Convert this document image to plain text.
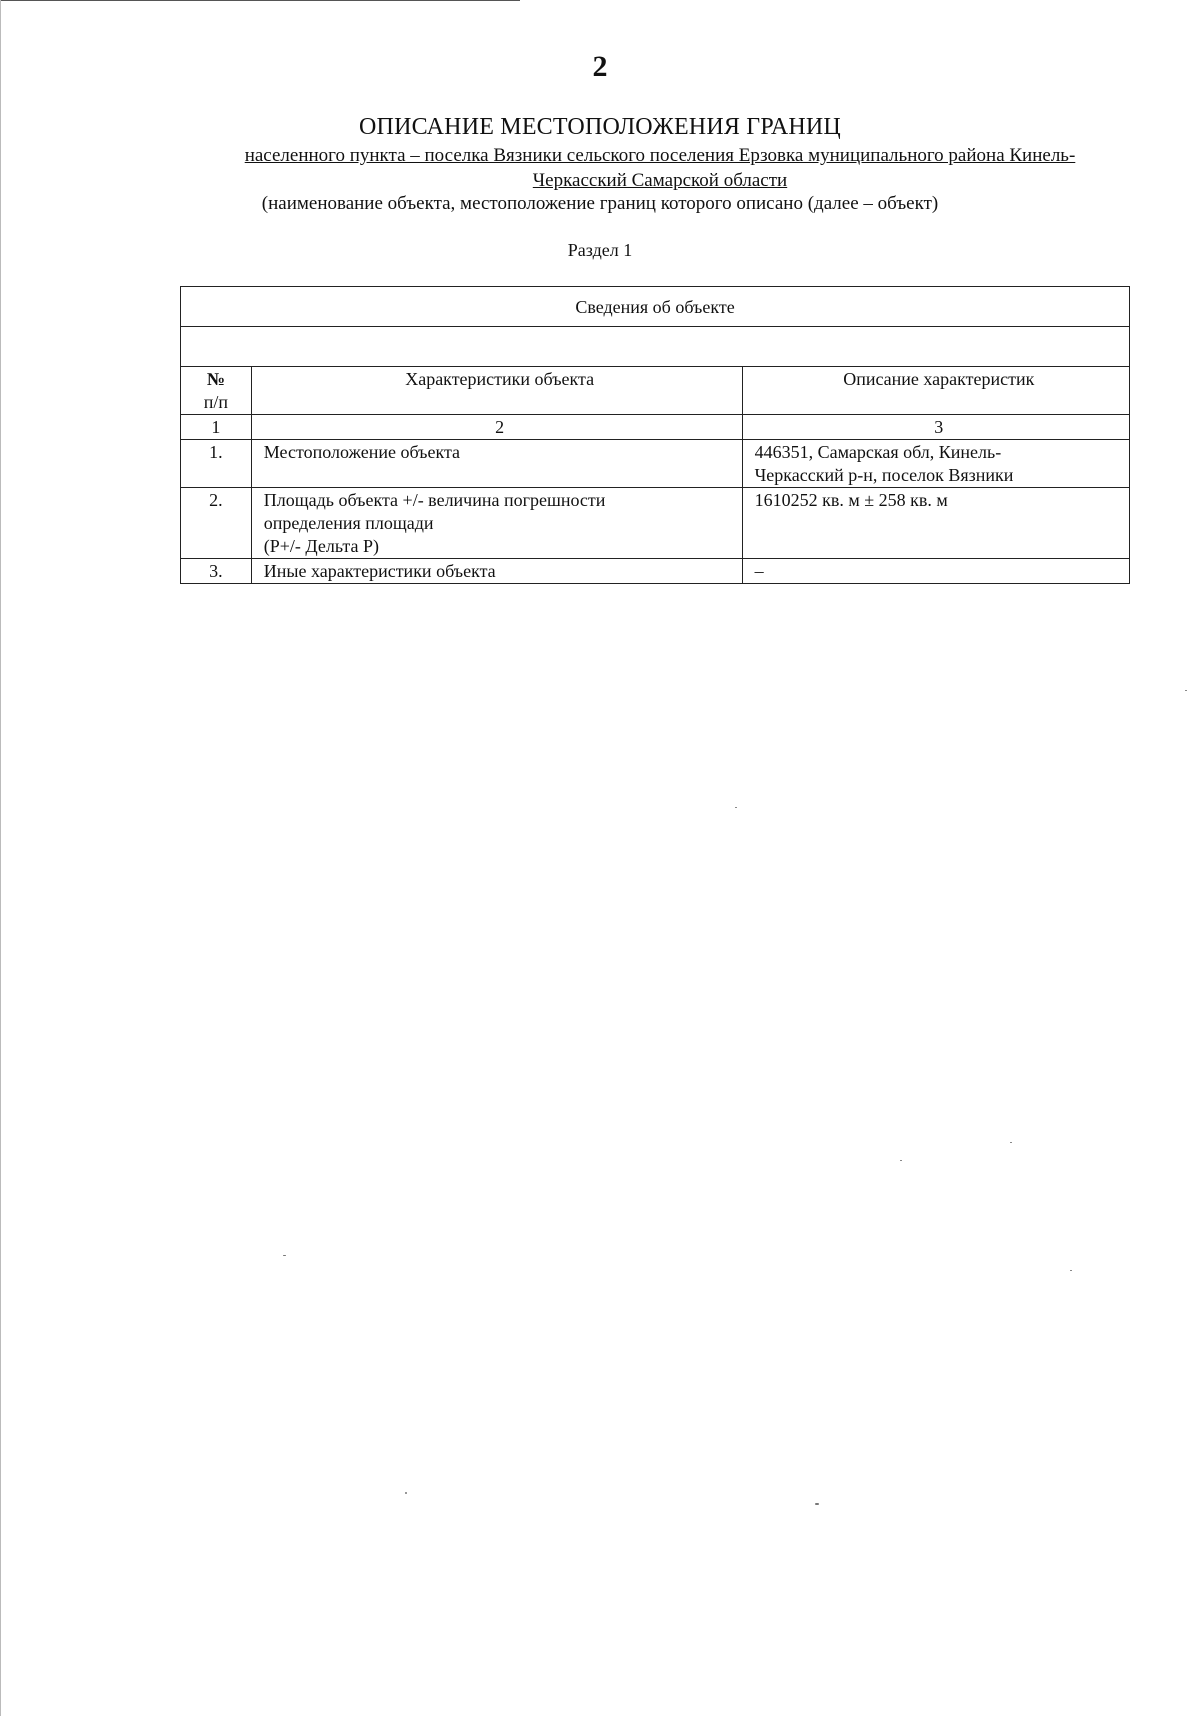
2
ОПИСАНИЕ МЕСТОПОЛОЖЕНИЯ ГРАНИЦ
населенного пункта – поселка Вязники сельского поселения Ерзовка муниципального района Кинель-Черкасский Самарской области
(наименование объекта, местоположение границ которого описано (далее – объект)
Раздел 1
Сведения об объекте		

№
п/п	Характеристики объекта	Описание характеристик
1	2	3
1.	Местоположение объекта	446351, Самарская обл, Кинель-
Черкасский р-н, поселок Вязники

2.	Площадь объекта +/- величина погрешности
определения площади
(Р+/- Дельта Р)	1610252 кв. м ± 258 кв. м

3.	Иные характеристики объекта	–
